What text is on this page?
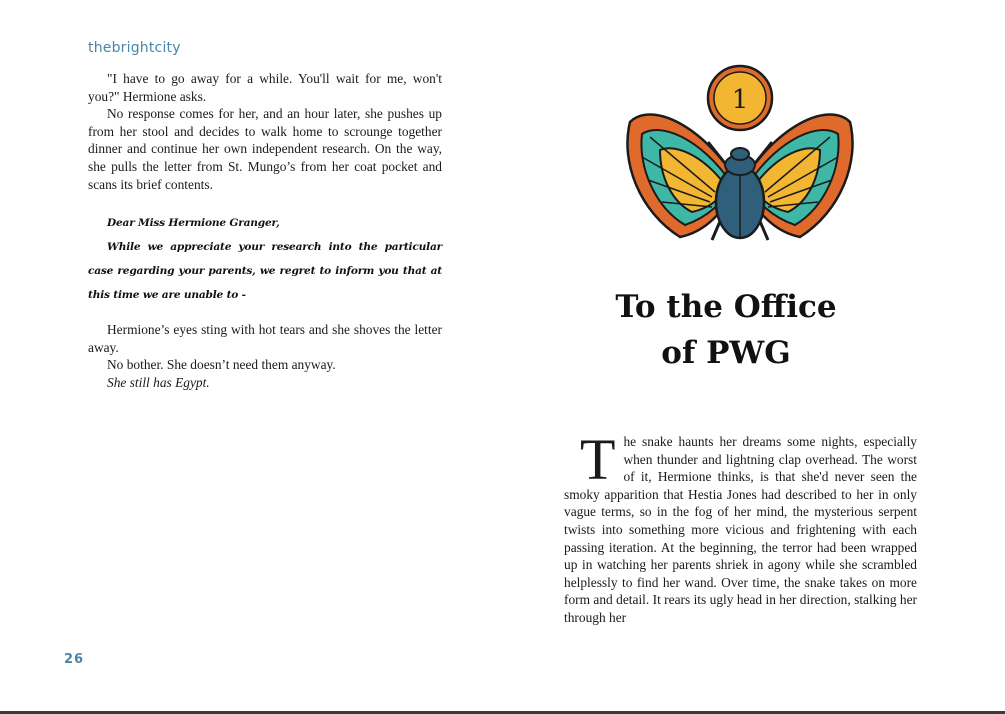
thebrightcity

"I have to go away for a while. You'll wait for me, won't you?" Hermione asks.

No response comes for her, and an hour later, she pushes up from her stool and decides to walk home to scrounge together dinner and continue her own independent research. On the way, she pulls the letter from St. Mungo’s from her coat pocket and scans its brief contents.

Dear Miss Hermione Granger,
While we appreciate your research into the particular case regarding your parents, we regret to inform you that at this time we are unable to -

Hermione’s eyes sting with hot tears and she shoves the letter away.

No bother. She doesn’t need them anyway.

She still has Egypt.

26
1
To the Office
of PWG
T he snake haunts her dreams some nights, especially when thunder and lightning clap overhead. The worst of it, Hermione thinks, is that she'd never seen the smoky apparition that Hestia Jones had described to her in only vague terms, so in the fog of her mind, the mysterious serpent twists into something more vicious and frightening with each passing iteration. At the beginning, the terror had been wrapped up in watching her parents shriek in agony while she scrambled helplessly to find her wand. Over time, the snake takes on more form and detail. It rears its ugly head in her direction, stalking her through her
